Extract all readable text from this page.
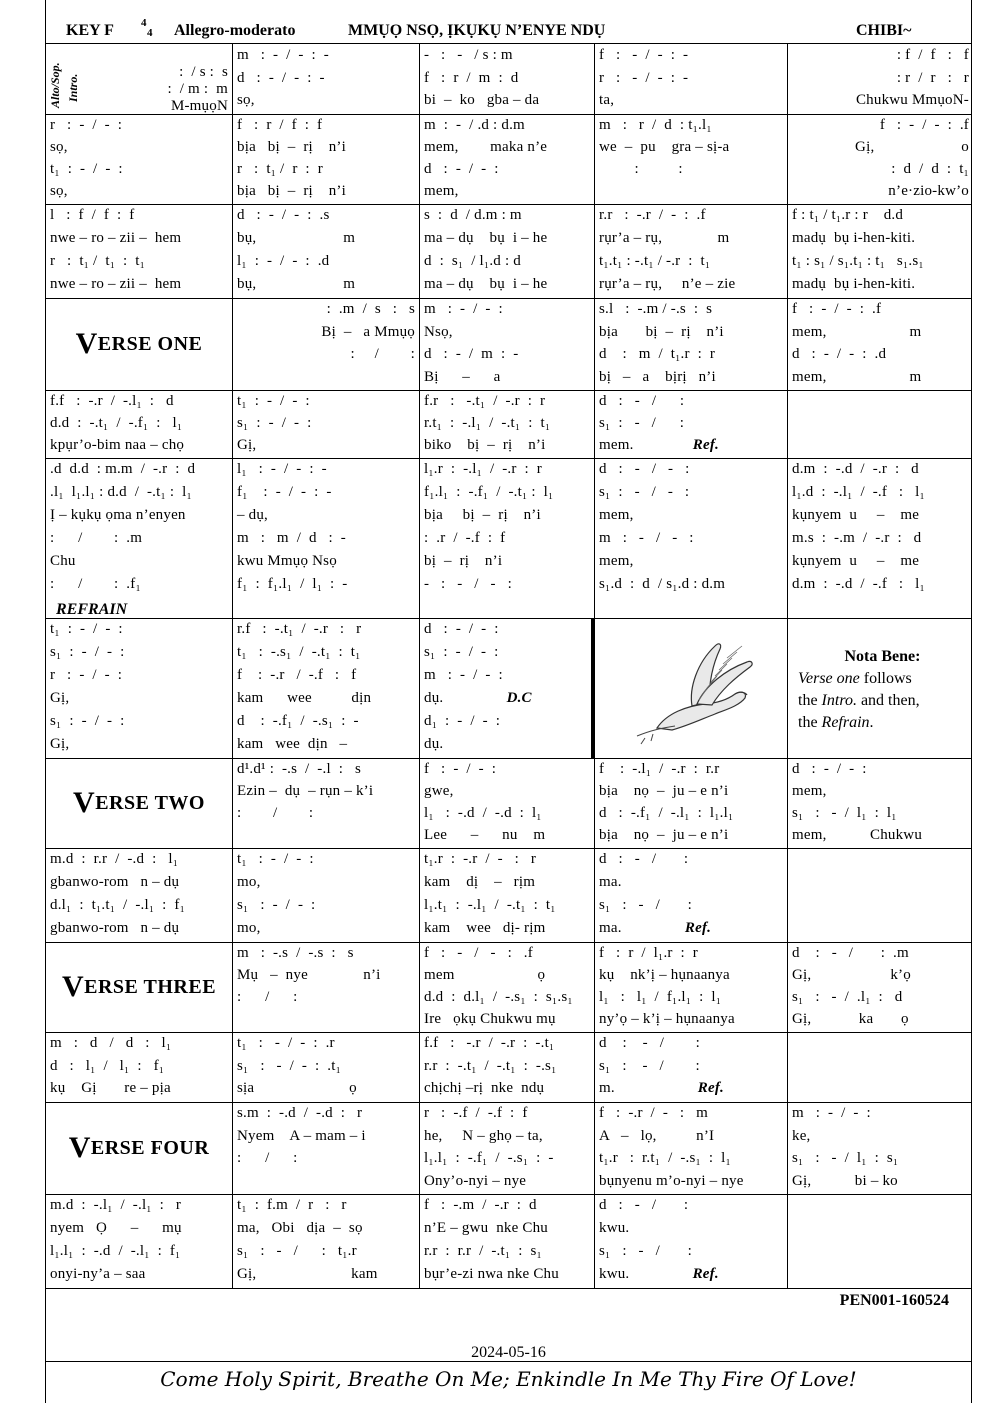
KEY F 4
4 Allegro-moderato	MMỤỌ NSỌ, ỊKỤKỤ N’ENYE NDỤ	CHIBI~
Alto/Sop. Intro.
:  / s :  s
:  / m :  m
M-mụọN
m   :  -  /  -  :  -
d   :  -  /  -  :  -
sọ,
-   :   -   / s : m
f   :  r  /  m  :  d
bi  –  ko   gba – da
f   :   -  /  -  :  -
r   :   -  /  -  :  -
ta,
: f  /  f   :   f
: r  /  r   :   r
Chukwu MmụoN-
r   :  -  /  -  :
sọ,
t₁  :  -  /  -  :
sọ,
f   :  r  /  f  :  f
bịa   bị  –  rị    n’i
r   :  t₁ /  r  :  r
bịa   bị  –  rị    n’i
m  :  -  / .d : d.m
mem,        maka n’e
d   :  -  /  -  :
mem,
m   :   r  /  d  : t₁.l₁
we  –  pu    gra – sị-a
:          :
f   :  -  /  -  :  .f
Gị,                      o
:  d  /  d  :  t₁
n’e·zio-kw’o
l   :  f  /  f  :  f
nwe – ro – zii –  hem
r   :  t₁ /  t₁  :  t₁
nwe – ro – zii –  hem
d   :  -  /  -  :  .s
bụ,                      m
l₁  :  -  /  -  :  .d
bụ,                      m
s  :  d  / d.m : m
ma – dụ    bụ  i – he
d  :  s₁  / l₁.d : d
ma – dụ    bụ  i – he
r.r   :  -.r  /  -  :  .f
rụr’a – rụ,              m
t₁.t₁ : -.t₁ / -.r  :  t₁
rụr’a – rụ,     n’e – zie
f : t₁ / t₁.r : r    d.d
madụ  bụ i-hen-kiti.
t₁ : s₁ / s₁.t₁ : t₁   s₁.s₁
madụ  bụ i-hen-kiti.
V ERSE ONE
:  .m  /  s   :   s
Bị  –   a Mmụọ
:     /        :
m   :  -  /  -  :
Nsọ,
d   :  -  /  m  :  -
Bị      –      a
s.l   :  -.m / -.s  :  s
bịa       bị  –  rị    n’i
d    :   m  /  t₁.r  :  r
bị   –   a    bịrị   n’i
f   :  -  /  -  :  .f
mem,                     m
d   :  -  /  -  :  .d
mem,                     m
f.f   :  -.r  /  -.l₁  :   d
d.d  :  -.t₁  /  -.f₁  :   l₁
kpụr’o-bim naa – chọ
t₁  :  -  /  -  :
s₁  :  -  /  -  :
Gị,
f.r   :   -.t₁  /  -.r  :  r
r.t₁  :  -.l₁  /  -.t₁  :  t₁
biko    bị  –  rị    n’i
d   :   -   /      :
s₁  :   -   /      :
mem.               Ref.
.d  d.d  : m.m  /  -.r  :  d
.l₁  l₁.l₁ : d.d  /  -.t₁ :  l₁
Ị – kụkụ ọma n’enyen
:      /        :  .m
Chu
:      /        :  .f₁
REFRAIN
l₁   :  -  /  -  :  -
f₁    :  -  /  -  :  -
– dụ,
m   :   m  /  d   :  -
kwu Mmụọ Nsọ
f₁  :  f₁.l₁  /  l₁  :  -
l₁.r  :  -.l₁  /  -.r  :  r
f₁.l₁  :  -.f₁  /  -.t₁ :  l₁
bịa     bị  –  rị    n’i
:  .r  /  -.f  :  f
bị  –  rị    n’i
-   :   -   /   -   :
d   :   -   /   -   :
s₁  :   -   /   -   :
mem,
m   :   -   /   -   :
mem,
s₁.d  :  d  / s₁.d : d.m
d.m  :  -.d  /  -.r  :   d
l₁.d  :  -.l₁  /  -.f   :   l₁
kụnyem  u     –    me
m.s  :  -.m  /  -.r  :   d
kụnyem  u     –    me
d.m  :  -.d  /  -.f   :   l₁
t₁  :  -  /  -  :
s₁  :  -  /  -  :
r   :  -  /  -  :
Gị,
s₁  :  -  /  -  :
Gị,
r.f   :  -.t₁  /  -.r   :   r
t₁   :  -.s₁  /  -.t₁  :  t₁
f    :  -.r   /  -.f   :   f
kam      wee          dịn
d    :  -.f₁  /  -.s₁  :  -
kam   wee  dịn   –
d   :  -  /  -  :
s₁  :  -  /  -  :
m   :  -  /  -  :
dụ.                D.C
d₁  :  -  /  -  :
dụ.
Nota Bene:
Verse one follows
the Intro. and then,
the Refrain.
V ERSE TWO
d¹.d¹ :  -.s  /  -.l  :   s
Ezin –  dụ  – rụn – k’i
:        /        :
f   :  -  /  -  :
gwe,
l₁   :  -.d  /  -.d  :  l₁
Lee      –      nu    m
f    :  -.l₁  /  -.r  :  r.r
bịa    nọ  –  ju – e n’i
d   :  -.f₁  /  -.l₁  :  l₁.l₁
bịa    nọ  –  ju – e n’i
d   :  -  /  -  :
mem,
s₁   :   -  /  l₁  :  l₁
mem,           Chukwu
m.d  :  r.r  /  -.d  :   l₁
gbanwo-rom   n – dụ
d.l₁  :  t₁.t₁  /  -.l₁  :  f₁
gbanwo-rom   n – dụ
t₁   :  -  /  -  :
mo,
s₁   :  -  /  -  :
mo,
t₁.r  :  -.r  /  -   :   r
kam    dị    –   rịm
l₁.t₁  :  -.l₁  /  -.t₁  :  t₁
kam    wee   dị- rịm
d   :   -   /       :
ma.
s₁   :   -   /       :
ma.                Ref.
V ERSE THREE
m   :  -.s  /  -.s  :   s
Mụ   –  nye              n’i
:      /      :
f   :   -   /   -   :   .f
mem                     ọ
d.d  :  d.l₁  /  -.s₁  :  s₁.s₁
Ire   ọkụ Chukwu mụ
f   :  r  /  l₁.r  :  r
kụ    nk’ị – hụnaanya
l₁   :   l₁  /  f₁.l₁  :  l₁
ny’ọ – k’ị – hụnaanya
d    :   -   /       :  .m
Gị,                    k’ọ
s₁   :   -  /  .l₁  :   d
Gị,            ka       ọ
m   :   d   /   d   :   l₁
d   :   l₁  /   l₁  :   f₁
kụ    Gị       re – pịa
t₁   :   -  /  -  :  .r
s₁   :   -  /  -  :  .t₁
sịa                        ọ
f.f   :   -.r  /  -.r  :  -.t₁
r.r  :  -.t₁  /  -.t₁  :  -.s₁
chịchị –rị  nke  ndụ
d    :    -   /        :
s₁   :    -   /        :
m.                     Ref.
V ERSE FOUR
s.m  :  -.d  /  -.d  :   r
Nyem    A – mam – i
:      /      :
r   :  -.f  /  -.f  :  f
he,     N – ghọ – ta,
l₁.l₁  :  -.f₁  /  -.s₁  :  -
Ony’o-nyi – nye
f   :  -.r  /  -   :   m
A   –   lọ,          n’I
t₁.r   :  r.t₁  /  -.s₁  :  l₁
bụnyenu m’o-nyi – nye
m   :  -  /  -  :
ke,
s₁   :   -  /  l₁  :  s₁
Gị,           bi – ko
m.d  :  -.l₁  /  -.l₁  :   r
nyem   Ọ      –      mụ
l₁.l₁  :  -.d  /  -.l₁  :  f₁
onyi-ny’a – saa
t₁  :  f.m  /  r   :   r
ma,   Obi   dịa  –  sọ
s₁   :   -   /      :   t₁.r
Gị,                        kam
f   :  -.m  /  -.r  :  d
n’E – gwu  nke Chu
r.r  :  r.r  /  -.t₁  :  s₁
bụr’e-zi nwa nke Chu
d   :   -   /       :
kwu.
s₁   :   -   /       :
kwu.                Ref.
PEN001-160524
2024-05-16
Come Holy Spirit, Breathe On Me; Enkindle In Me Thy Fire Of Love!
